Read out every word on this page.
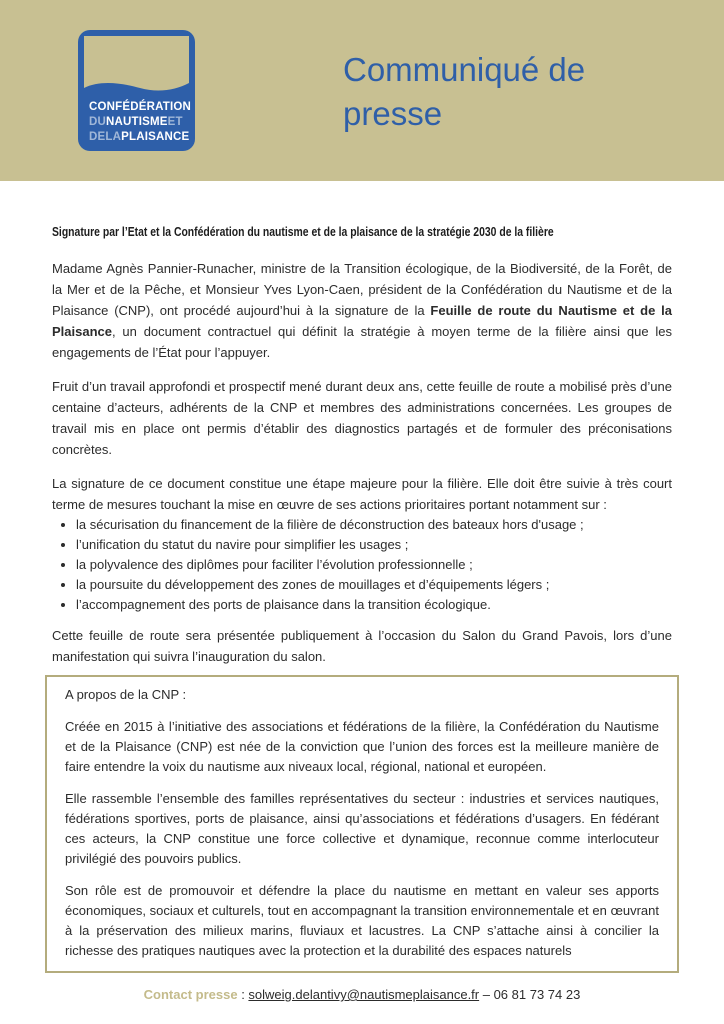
CONFÉDÉRATION
DUNAUTISMEET
DELAPLAISANCE
Communiqué de presse
Signature par l’Etat et la Confédération du nautisme et de la plaisance de la stratégie 2030 de la filière

Madame Agnès Pannier-Runacher, ministre de la Transition écologique, de la Biodiversité, de la Forêt, de la Mer et de la Pêche, et Monsieur Yves Lyon-Caen, président de la Confédération du Nautisme et de la Plaisance (CNP), ont procédé aujourd’hui à la signature de la Feuille de route du Nautisme et de la Plaisance, un document contractuel qui définit la stratégie à moyen terme de la filière ainsi que les engagements de l’État pour l’appuyer.

Fruit d’un travail approfondi et prospectif mené durant deux ans, cette feuille de route a mobilisé près d’une centaine d’acteurs, adhérents de la CNP et membres des administrations concernées. Les groupes de travail mis en place ont permis d’établir des diagnostics partagés et de formuler des préconisations concrètes.

La signature de ce document constitue une étape majeure pour la filière. Elle doit être suivie à très court terme de mesures touchant la mise en œuvre de ses actions prioritaires portant notamment sur :

• la sécurisation du financement de la filière de déconstruction des bateaux hors d'usage ;
• l’unification du statut du navire pour simplifier les usages ;
• la polyvalence des diplômes pour faciliter l’évolution professionnelle ;
• la poursuite du développement des zones de mouillages et d’équipements légers ;
• l’accompagnement des ports de plaisance dans la transition écologique.

Cette feuille de route sera présentée publiquement à l’occasion du Salon du Grand Pavois, lors d’une manifestation qui suivra l’inauguration du salon.

A propos de la CNP :

Créée en 2015 à l’initiative des associations et fédérations de la filière, la Confédération du Nautisme et de la Plaisance (CNP) est née de la conviction que l’union des forces est la meilleure manière de faire entendre la voix du nautisme aux niveaux local, régional, national et européen.

Elle rassemble l’ensemble des familles représentatives du secteur : industries et services nautiques, fédérations sportives, ports de plaisance, ainsi qu’associations et fédérations d’usagers. En fédérant ces acteurs, la CNP constitue une force collective et dynamique, reconnue comme interlocuteur privilégié des pouvoirs publics.

Son rôle est de promouvoir et défendre la place du nautisme en mettant en valeur ses apports économiques, sociaux et culturels, tout en accompagnant la transition environnementale et en œuvrant à la préservation des milieux marins, fluviaux et lacustres. La CNP s’attache ainsi à concilier la richesse des pratiques nautiques avec la protection et la durabilité des espaces naturels

Contact presse : solweig.delantivy@nautismeplaisance.fr – 06 81 73 74 23
